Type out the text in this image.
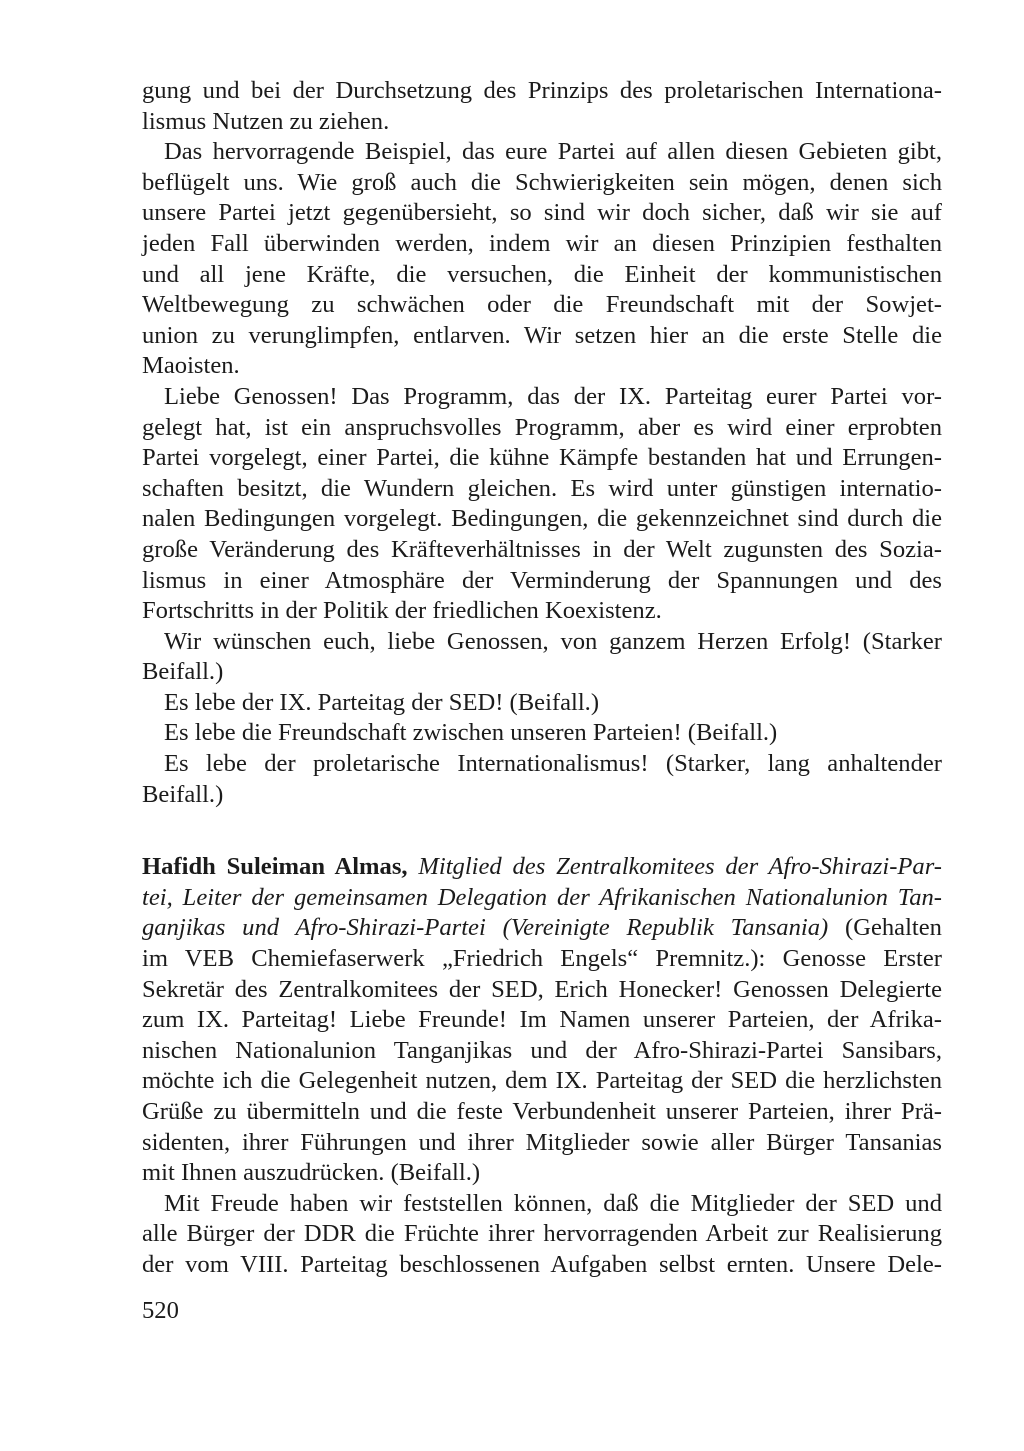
gung und bei der Durchsetzung des Prinzips des proletarischen Internationa-
lismus Nutzen zu ziehen.

Das hervorragende Beispiel, das eure Partei auf allen diesen Gebieten gibt,
beflügelt uns. Wie groß auch die Schwierigkeiten sein mögen, denen sich
unsere Partei jetzt gegenübersieht, so sind wir doch sicher, daß wir sie auf
jeden Fall überwinden werden, indem wir an diesen Prinzipien festhalten
und all jene Kräfte, die versuchen, die Einheit der kommunistischen
Weltbewegung zu schwächen oder die Freundschaft mit der Sowjet-
union zu verunglimpfen, entlarven. Wir setzen hier an die erste Stelle die
Maoisten.

Liebe Genossen! Das Programm, das der IX. Parteitag eurer Partei vor-
gelegt hat, ist ein anspruchsvolles Programm, aber es wird einer erprobten
Partei vorgelegt, einer Partei, die kühne Kämpfe bestanden hat und Errungen-
schaften besitzt, die Wundern gleichen. Es wird unter günstigen internatio-
nalen Bedingungen vorgelegt. Bedingungen, die gekennzeichnet sind durch die
große Veränderung des Kräfteverhältnisses in der Welt zugunsten des Sozia-
lismus in einer Atmosphäre der Verminderung der Spannungen und des
Fortschritts in der Politik der friedlichen Koexistenz.

Wir wünschen euch, liebe Genossen, von ganzem Herzen Erfolg! (Starker
Beifall.)

Es lebe der IX. Parteitag der SED! (Beifall.)

Es lebe die Freundschaft zwischen unseren Parteien! (Beifall.)

Es lebe der proletarische Internationalismus! (Starker, lang anhaltender
Beifall.)

Hafidh Suleiman Almas, Mitglied des Zentralkomitees der Afro-Shirazi-Par-
tei, Leiter der gemeinsamen Delegation der Afrikanischen Nationalunion Tan-
ganjikas und Afro-Shirazi-Partei (Vereinigte Republik Tansania) (Gehalten
im VEB Chemiefaserwerk „Friedrich Engels“ Premnitz.): Genosse Erster
Sekretär des Zentralkomitees der SED, Erich Honecker! Genossen Delegierte
zum IX. Parteitag! Liebe Freunde! Im Namen unserer Parteien, der Afrika-
nischen Nationalunion Tanganjikas und der Afro-Shirazi-Partei Sansibars,
möchte ich die Gelegenheit nutzen, dem IX. Parteitag der SED die herzlichsten
Grüße zu übermitteln und die feste Verbundenheit unserer Parteien, ihrer Prä-
sidenten, ihrer Führungen und ihrer Mitglieder sowie aller Bürger Tansanias
mit Ihnen auszudrücken. (Beifall.)

Mit Freude haben wir feststellen können, daß die Mitglieder der SED und
alle Bürger der DDR die Früchte ihrer hervorragenden Arbeit zur Realisierung
der vom VIII. Parteitag beschlossenen Aufgaben selbst ernten. Unsere Dele-

520
